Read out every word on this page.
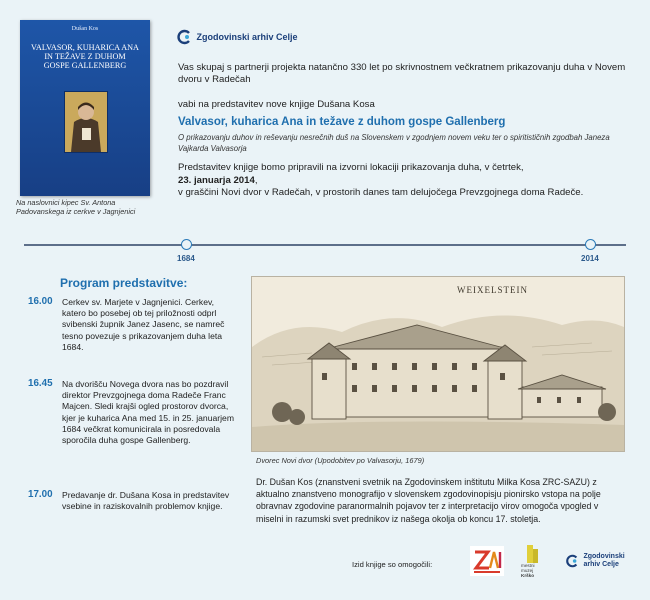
Dušan Kos
VALVASOR, KUHARICA ANA
IN TEŽAVE Z DUHOM
GOSPE GALLENBERG
Na naslovnici kipec Sv. Antona Padovanskega iz cerkve v Jagnjenici
Zgodovinski arhiv Celje
Vas skupaj s partnerji projekta natančno 330 let po skrivnostnem večkratnem prikazovanju duha v Novem dvoru v Radečah
vabi na predstavitev nove knjige Dušana Kosa
Valvasor, kuharica Ana in težave z duhom gospe Gallenberg
O prikazovanju duhov in reševanju nesrečnih duš na Slovenskem v zgodnjem novem veku ter o spiritističnih zgodbah Janeza Vajkarda Valvasorja
Predstavitev knjige bomo pripravili na izvorni lokaciji prikazovanja duha, v četrtek,
23. januarja 2014,
v graščini Novi dvor v Radečah, v prostorih danes tam delujočega Prevzgojnega doma Radeče.
1684	2014
Program predstavitve:
16.00 Cerkev sv. Marjete v Jagnjenici. Cerkev, katero bo posebej ob tej priložnosti odprl svibenski župnik Janez Jasenc, se namreč tesno povezuje s prikazovanjem duha leta 1684.
16.45 Na dvorišču Novega dvora nas bo pozdravil direktor Prevzgojnega doma Radeče Franc Majcen. Sledi krajši ogled prostorov dvorca, kjer je kuharica Ana med 15. in 25. januarjem 1684 večkrat komunicirala in posredovala sporočila duha gospe Gallenberg.
17.00 Predavanje dr. Dušana Kosa in predstavitev vsebine in raziskovalnih problemov knjige.
WEIXELSTEIN
Dvorec Novi dvor (Upodobitev po Valvasorju, 1679)
Dr. Dušan Kos (znanstveni svetnik na Zgodovinskem inštitutu Milka Kosa ZRC-SAZU) z aktualno znanstveno monografijo v slovenskem zgodovinopisju pionirsko vstopa na polje obravnav zgodovine paranormalnih pojavov ter z interpretacijo virov omogoča vpogled v miselni in razumski svet prednikov iz našega okolja ob koncu 17. stoletja.
Izid knjige so omogočili:	mestni
muzej
Krško

Zgodovinski
arhiv Celje
